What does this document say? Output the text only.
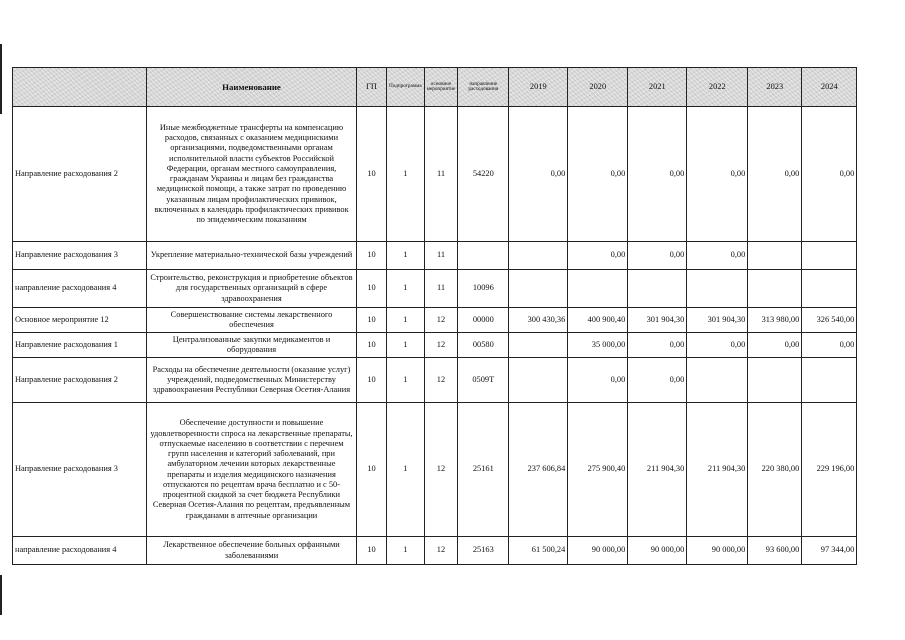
	Наименование	ГП	Подпрограмма	основное мероприятие	направление расходования	2019	2020	2021	2022	2023	2024
Направление расходования 2	Иные межбюджетные трансферты на компенсацию расходов, связанных с оказанием медицинскими организациями, подведомственными органам исполнительной власти субъектов Российской Федерации, органам местного самоуправления, гражданам Украины и лицам без гражданства медицинской помощи, а также затрат по проведению указанным лицам профилактических прививок, включенных в календарь профилактических прививок по эпидемическим показаниям	10	1	11	54220	0,00	0,00	0,00	0,00	0,00	0,00
Направление расходования 3	Укрепление материально-технической базы учреждений	10	1	11			0,00	0,00	0,00		
направление расходования 4	Строительство, реконструкция и приобретение объектов для государственных организаций в сфере здравоохранения	10	1	11	10096						
Основное мероприятие 12	Совершенствование системы лекарственного обеспечения	10	1	12	00000	300 430,36	400 900,40	301 904,30	301 904,30	313 980,00	326 540,00
Направление расходования 1	Централизованные закупки медикаментов и оборудования	10	1	12	00580		35 000,00	0,00	0,00	0,00	0,00
Направление расходования 2	Расходы на обеспечение деятельности (оказание услуг) учреждений, подведомственных Министерству здравоохранения Республики Северная Осетия-Алания	10	1	12	0509Т		0,00	0,00			
Направление расходования 3	Обеспечение доступности и повышение удовлетворенности спроса на лекарственные препараты, отпускаемые населению в соответствии с перечнем групп населения и категорий заболеваний, при амбулаторном лечении которых лекарственные препараты и изделия медицинского назначения отпускаются по рецептам врача бесплатно и с 50-процентной скидкой за счет бюджета Республики Северная Осетия-Алания по рецептам, предъявленным гражданами в аптечные организации	10	1	12	25161	237 606,84	275 900,40	211 904,30	211 904,30	220 380,00	229 196,00
направление расходования 4	Лекарственное обеспечение больных орфанными заболеваниями	10	1	12	25163	61 500,24	90 000,00	90 000,00	90 000,00	93 600,00	97 344,00
